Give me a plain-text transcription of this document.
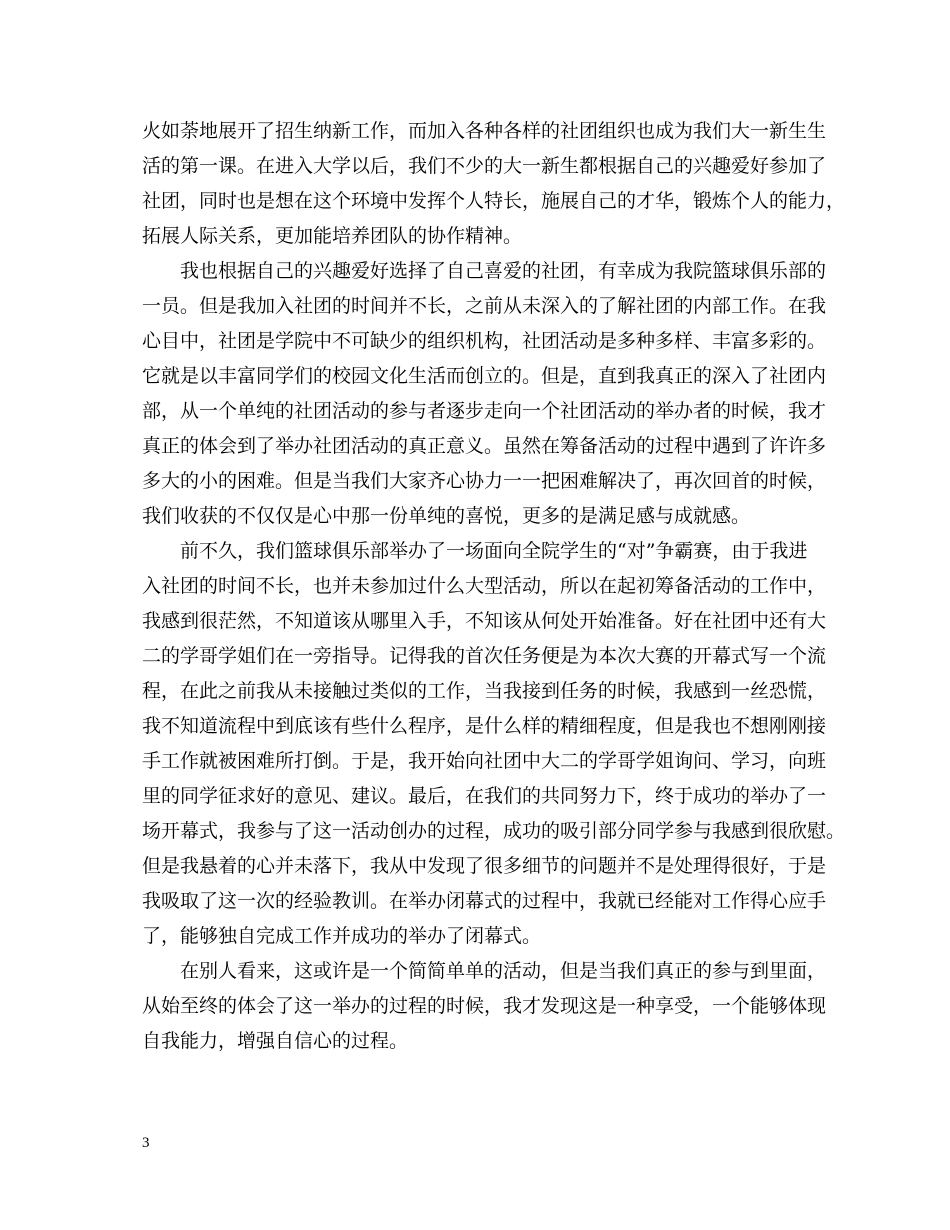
火如荼地展开了招生纳新工作，而加入各种各样的社团组织也成为我们大一新生生
活的第一课。在进入大学以后，我们不少的大一新生都根据自己的兴趣爱好参加了
社团，同时也是想在这个环境中发挥个人特长，施展自己的才华，锻炼个人的能力，
拓展人际关系，更加能培养团队的协作精神。
　　我也根据自己的兴趣爱好选择了自己喜爱的社团，有幸成为我院篮球俱乐部的
一员。但是我加入社团的时间并不长，之前从未深入的了解社团的内部工作。在我
心目中，社团是学院中不可缺少的组织机构，社团活动是多种多样、丰富多彩的。
它就是以丰富同学们的校园文化生活而创立的。但是，直到我真正的深入了社团内
部，从一个单纯的社团活动的参与者逐步走向一个社团活动的举办者的时候，我才
真正的体会到了举办社团活动的真正意义。虽然在筹备活动的过程中遇到了许许多
多大的小的困难。但是当我们大家齐心协力一一把困难解决了，再次回首的时候，
我们收获的不仅仅是心中那一份单纯的喜悦，更多的是满足感与成就感。
　　前不久，我们篮球俱乐部举办了一场面向全院学生的“对”争霸赛，由于我进
入社团的时间不长，也并未参加过什么大型活动，所以在起初筹备活动的工作中，
我感到很茫然，不知道该从哪里入手，不知该从何处开始准备。好在社团中还有大
二的学哥学姐们在一旁指导。记得我的首次任务便是为本次大赛的开幕式写一个流
程，在此之前我从未接触过类似的工作，当我接到任务的时候，我感到一丝恐慌，
我不知道流程中到底该有些什么程序，是什么样的精细程度，但是我也不想刚刚接
手工作就被困难所打倒。于是，我开始向社团中大二的学哥学姐询问、学习，向班
里的同学征求好的意见、建议。最后，在我们的共同努力下，终于成功的举办了一
场开幕式，我参与了这一活动创办的过程，成功的吸引部分同学参与我感到很欣慰。
但是我悬着的心并未落下，我从中发现了很多细节的问题并不是处理得很好，于是
我吸取了这一次的经验教训。在举办闭幕式的过程中，我就已经能对工作得心应手
了，能够独自完成工作并成功的举办了闭幕式。
　　在别人看来，这或许是一个简简单单的活动，但是当我们真正的参与到里面，
从始至终的体会了这一举办的过程的时候，我才发现这是一种享受，一个能够体现
自我能力，增强自信心的过程。
3
